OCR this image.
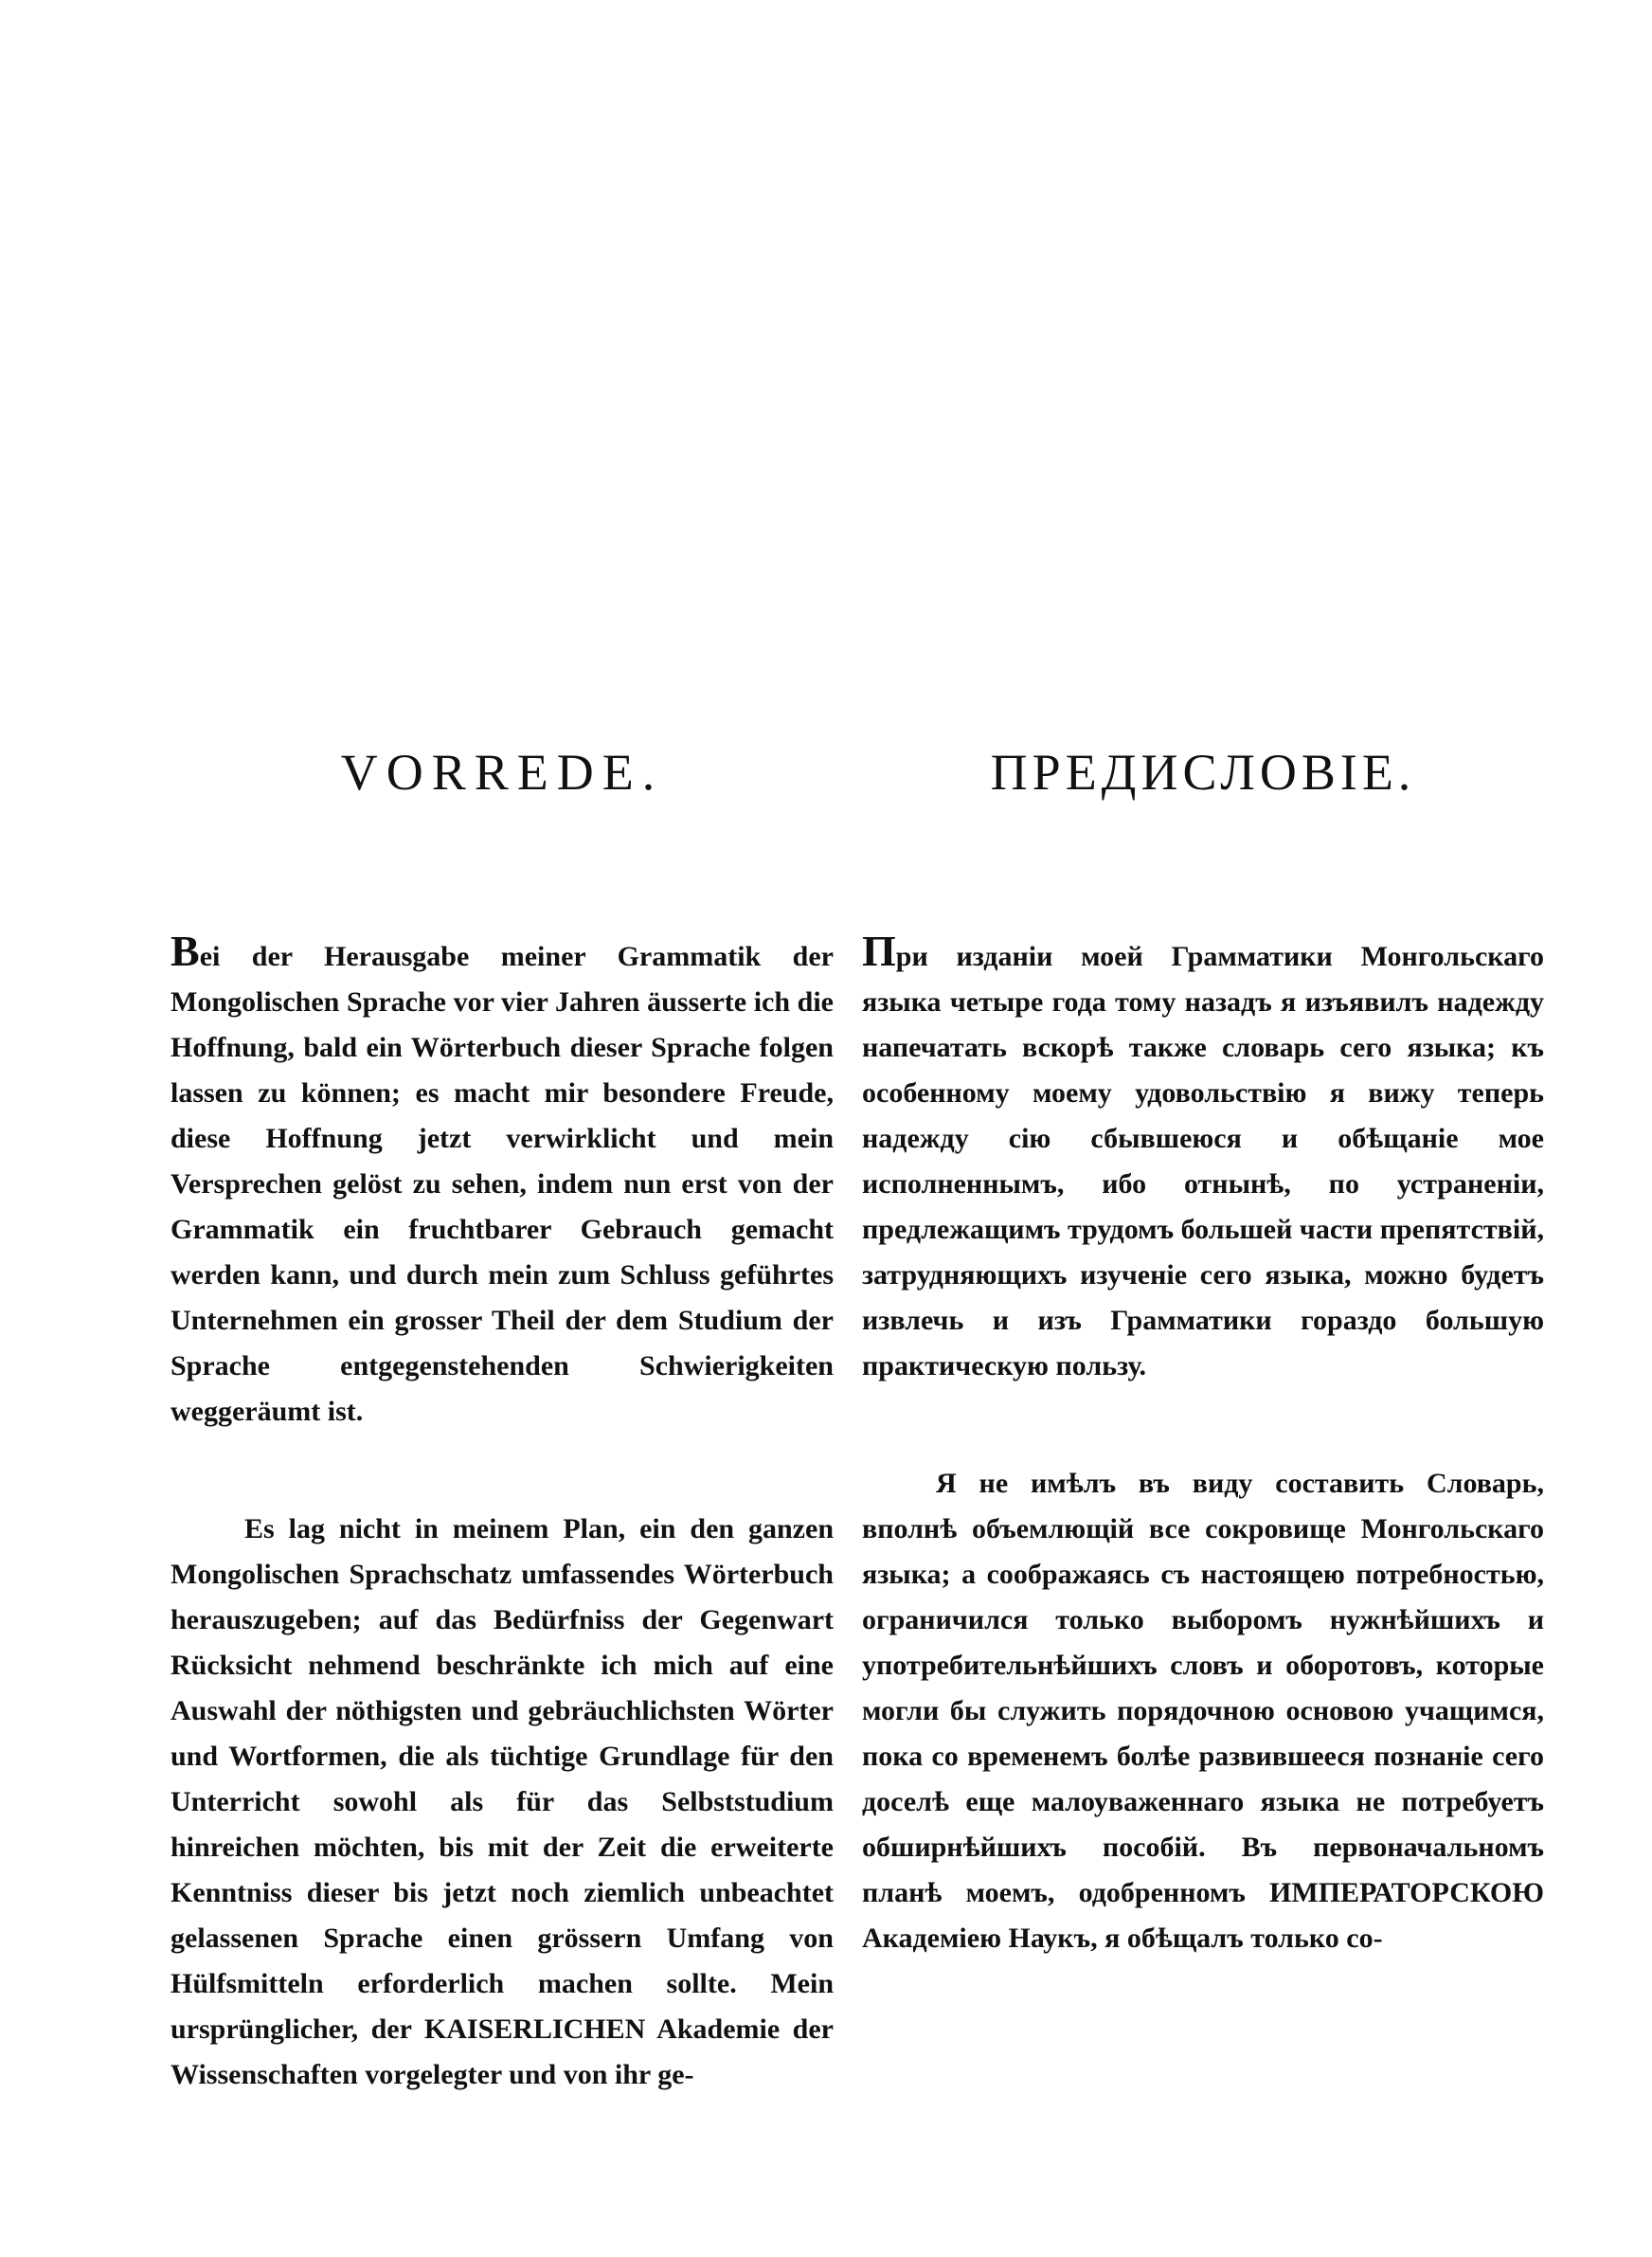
VORREDE.

Bei der Herausgabe meiner Grammatik der Mongolischen Sprache vor vier Jahren äusserte ich die Hoffnung, bald ein Wörterbuch dieser Sprache folgen lassen zu können; es macht mir besondere Freude, diese Hoffnung jetzt verwirklicht und mein Versprechen gelöst zu sehen, indem nun erst von der Grammatik ein fruchtbarer Gebrauch gemacht werden kann, und durch mein zum Schluss geführtes Unternehmen ein grosser Theil der dem Studium der Sprache entgegenstehenden Schwierigkeiten weggeräumt ist.

Es lag nicht in meinem Plan, ein den ganzen Mongolischen Sprachschatz umfassendes Wörterbuch herauszugeben; auf das Bedürfniss der Gegenwart Rücksicht nehmend beschränkte ich mich auf eine Auswahl der nöthigsten und gebräuchlichsten Wörter und Wortformen, die als tüchtige Grundlage für den Unterricht sowohl als für das Selbststudium hinreichen möchten, bis mit der Zeit die erweiterte Kenntniss dieser bis jetzt noch ziemlich unbeachtet gelassenen Sprache einen grössern Umfang von Hülfsmitteln erforderlich machen sollte. Mein ursprünglicher, der KAISERLICHEN Akademie der Wissenschaften vorgelegter und von ihr ge-

ПРЕДИСЛОВІЕ.

При изданіи моей Грамматики Монгольскаго языка четыре года тому назадъ я изъявилъ надежду напечатать вскорѣ также словарь сего языка; къ особенному моему удовольствію я вижу теперь надежду сію сбывшеюся и обѣщаніе мое исполненнымъ, ибо отнынѣ, по устраненіи, предлежащимъ трудомъ большей части препятствій, затрудняющихъ изученіе сего языка, можно будетъ извлечь и изъ Грамматики гораздо большую практическую пользу.

Я не имѣлъ въ виду составить Словарь, вполнѣ объемлющій все сокровище Монгольскаго языка; а соображаясь съ настоящею потребностью, ограничился только выборомъ нужнѣйшихъ и употребительнѣйшихъ словъ и оборотовъ, которые могли бы служить порядочною основою учащимся, пока со временемъ болѣе развившееся познаніе сего доселѣ еще малоуваженнаго языка не потребуетъ обширнѣйшихъ пособій. Въ первоначальномъ планѣ моемъ, одобренномъ ИМПЕРАТОРСКОЮ Академіею Наукъ, я обѣщалъ только со-
